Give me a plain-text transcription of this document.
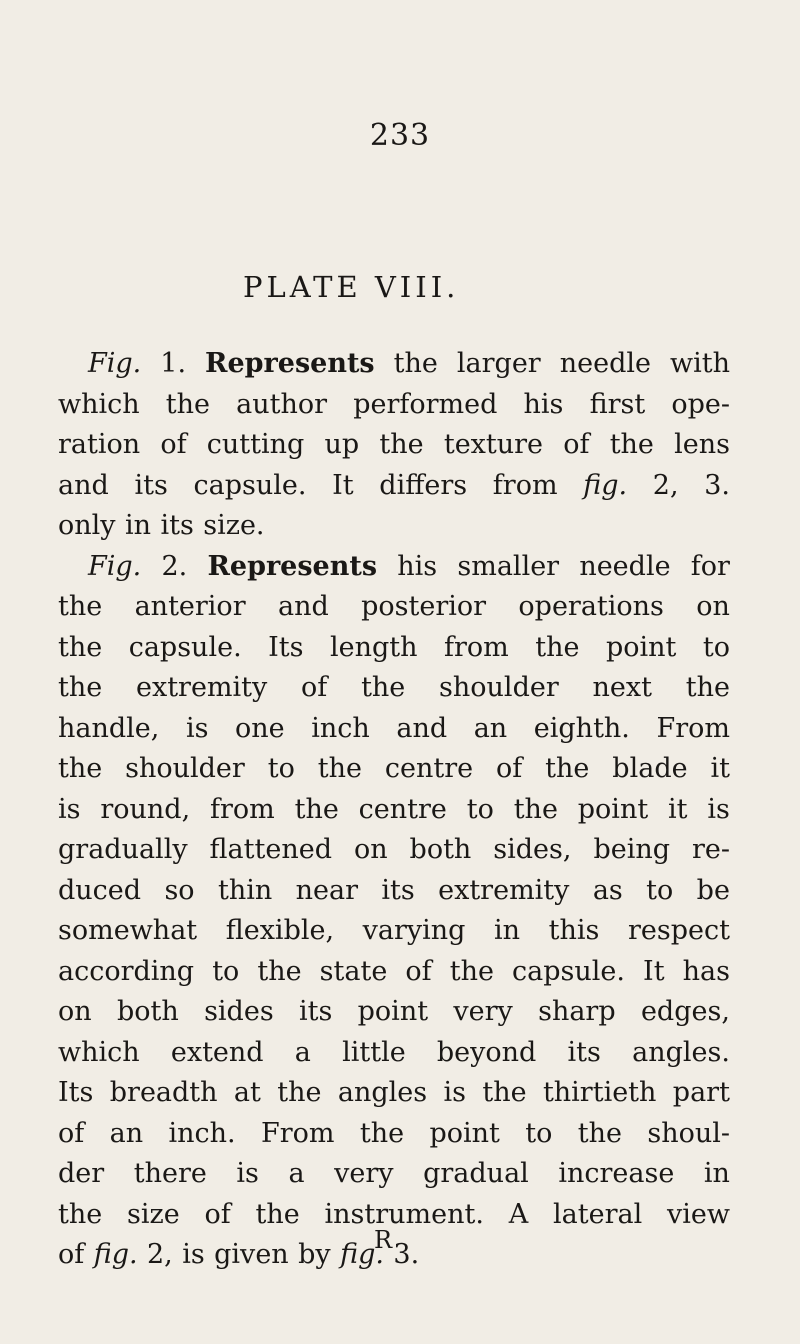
233
PLATE VIII.
Fig. 1. Represents the larger needle with
which the author performed his first ope-
ration of cutting up the texture of the lens
and its capsule. It differs from fig. 2, 3.
only in its size.
Fig. 2. Represents his smaller needle for
the anterior and posterior operations on
the capsule. Its length from the point to
the extremity of the shoulder next the
handle, is one inch and an eighth. From
the shoulder to the centre of the blade it
is round, from the centre to the point it is
gradually flattened on both sides, being re-
duced so thin near its extremity as to be
somewhat flexible, varying in this respect
according to the state of the capsule. It has
on both sides its point very sharp edges,
which extend a little beyond its angles.
Its breadth at the angles is the thirtieth part
of an inch. From the point to the shoul-
der there is a very gradual increase in
the size of the instrument. A lateral view
of fig. 2, is given by fig. 3.
R
